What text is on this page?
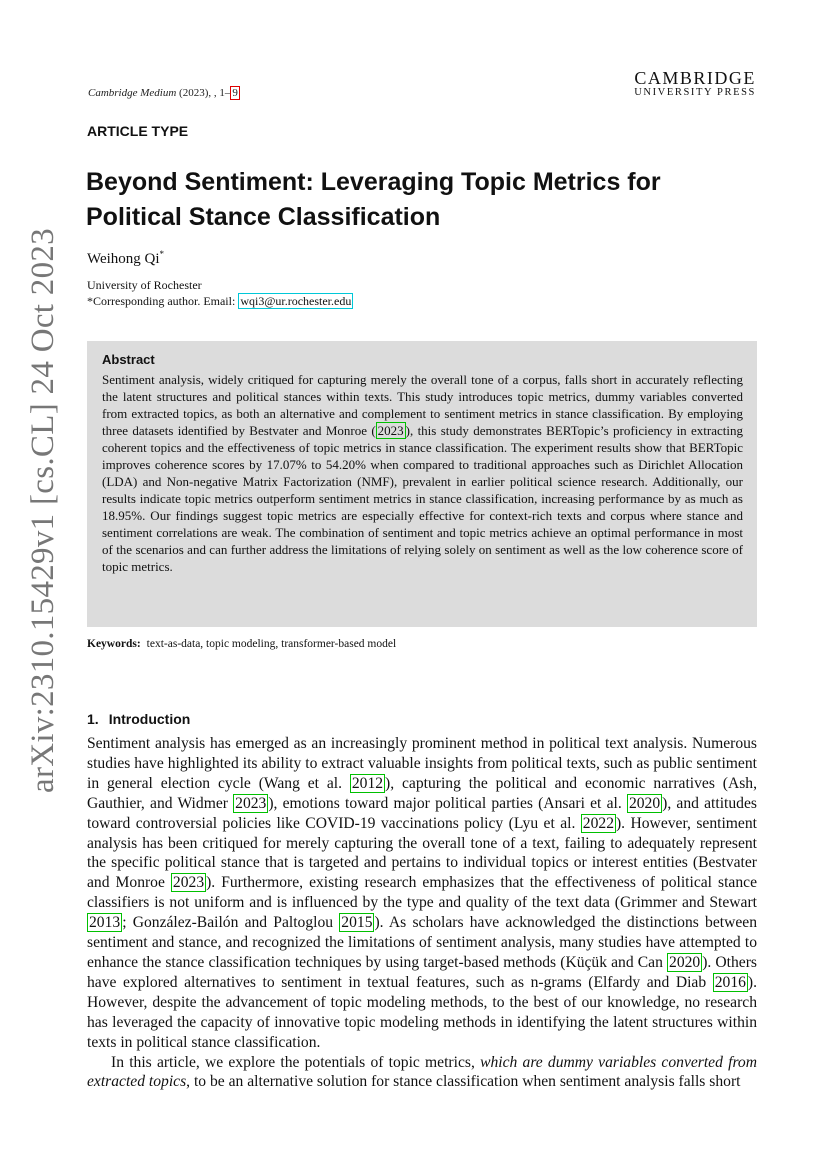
arXiv:2310.15429v1 [cs.CL] 24 Oct 2023
Cambridge Medium (2023), , 1– 9
CAMBRIDGE
UNIVERSITY PRESS
ARTICLE TYPE
Beyond Sentiment: Leveraging Topic Metrics for Political Stance Classification
Weihong Qi*
University of Rochester
*Corresponding author. Email: wqi3@ur.rochester.edu
Abstract
Sentiment analysis, widely critiqued for capturing merely the overall tone of a corpus, falls short in accurately reflecting the latent structures and political stances within texts. This study introduces topic metrics, dummy variables converted from extracted topics, as both an alternative and complement to sentiment metrics in stance classification. By employing three datasets identified by Bestvater and Monroe ( 2023 ), this study demonstrates BERTopic’s proficiency in extracting coherent topics and the effectiveness of topic metrics in stance classification. The experiment results show that BERTopic improves coherence scores by 17.07% to 54.20% when compared to traditional approaches such as Dirichlet Allocation (LDA) and Non-negative Matrix Factorization (NMF), prevalent in earlier political science research. Additionally, our results indicate topic metrics outperform sentiment metrics in stance classification, increasing performance by as much as 18.95%. Our findings suggest topic metrics are especially effective for context-rich texts and corpus where stance and sentiment correlations are weak. The combination of sentiment and topic metrics achieve an optimal performance in most of the scenarios and can further address the limitations of relying solely on sentiment as well as the low coherence score of topic metrics.
Keywords: text-as-data, topic modeling, transformer-based model
1. Introduction

Sentiment analysis has emerged as an increasingly prominent method in political text analysis. Numerous studies have highlighted its ability to extract valuable insights from political texts, such as public sentiment in general election cycle (Wang et al. 2012 ), capturing the political and economic narratives (Ash, Gauthier, and Widmer 2023 ), emotions toward major political parties (Ansari et al. 2020 ), and attitudes toward controversial policies like COVID-19 vaccinations policy (Lyu et al. 2022 ). However, sentiment analysis has been critiqued for merely capturing the overall tone of a text, failing to adequately represent the specific political stance that is targeted and pertains to individual topics or interest entities (Bestvater and Monroe 2023 ). Furthermore, existing research emphasizes that the effectiveness of political stance classifiers is not uniform and is influenced by the type and quality of the text data (Grimmer and Stewart 2013 ; González-Bailón and Paltoglou 2015 ). As scholars have acknowledged the distinctions between sentiment and stance, and recognized the limitations of sentiment analysis, many studies have attempted to enhance the stance classification techniques by using target-based methods (Küçük and Can 2020 ). Others have explored alternatives to sentiment in textual features, such as n-grams (Elfardy and Diab 2016 ). However, despite the advancement of topic modeling methods, to the best of our knowledge, no research has leveraged the capacity of innovative topic modeling methods in identifying the latent structures within texts in political stance classification.

In this article, we explore the potentials of topic metrics, which are dummy variables converted from extracted topics, to be an alternative solution for stance classification when sentiment analysis falls short
